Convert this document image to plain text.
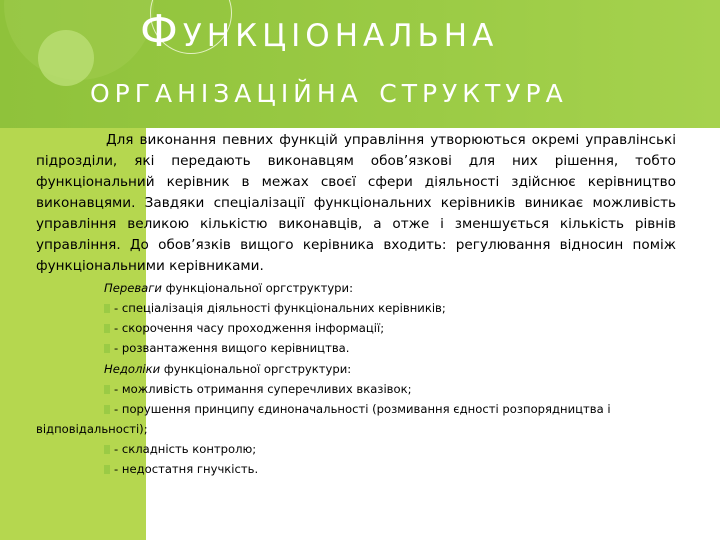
Функціональна
організаційна структура

Для виконання певних функцій управління утворюються окремі управлінські підрозділи, які передають виконавцям обов’язкові для них рішення, тобто функціональний керівник в межах своєї сфери діяльності здійснює керівництво виконавцями. Завдяки спеціалізації функціональних керівників виникає можливість управління великою кількістю виконавців, а отже і зменшується кількість рівнів управління. До обов’язків вищого керівника входить: регулювання відносин поміж функціональними керівниками.

Переваги функціональної оргструктури:
- спеціалізація діяльності функціональних керівників;
- скорочення часу проходження інформації;
- розвантаження вищого керівництва.
Недоліки функціональної оргструктури:
- можливість отримання суперечливих вказівок;
- порушення принципу єдиноначальності (розмивання єдності розпорядництва і відповідальності);
- складність контролю;
- недостатня гнучкість.
